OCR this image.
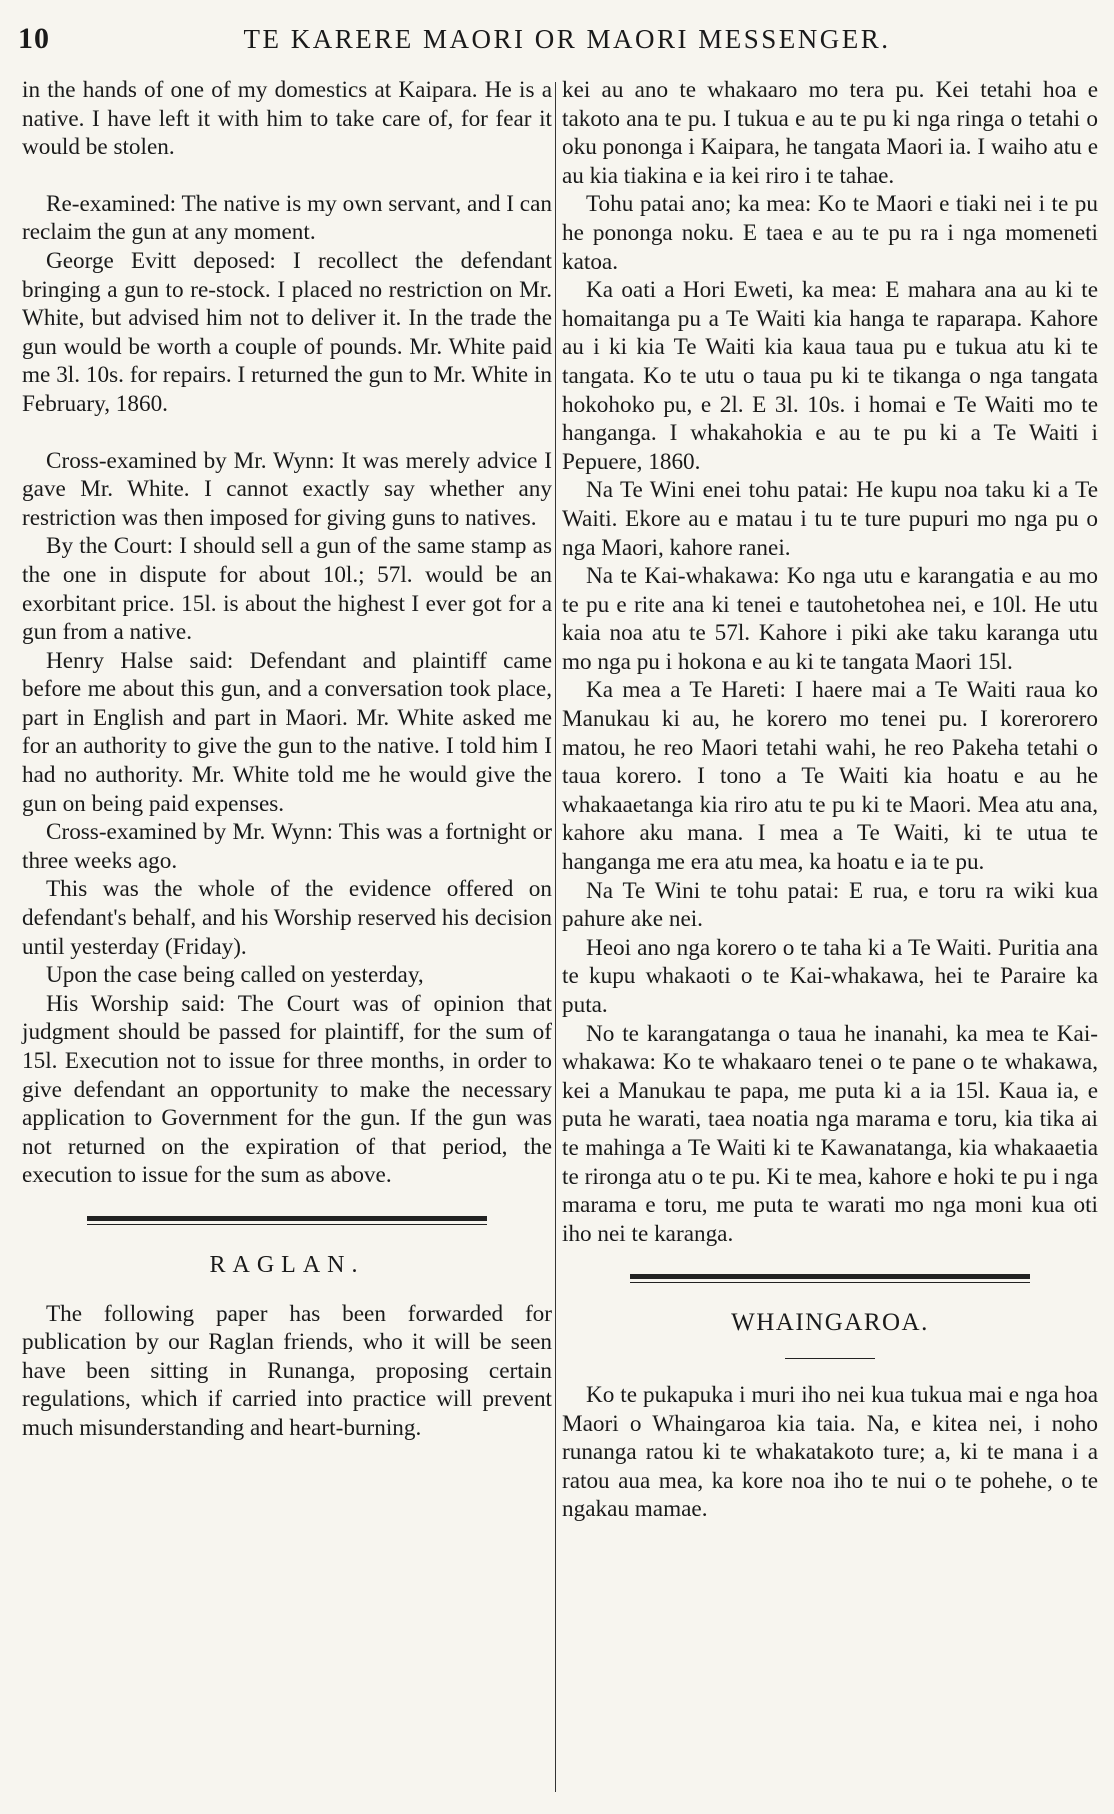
10	TE KARERE MAORI OR MAORI MESSENGER.

in the hands of one of my domestics at Kaipara. He is a native. I have left it with him to take care of, for fear it would be stolen.

Re-examined: The native is my own servant, and I can reclaim the gun at any moment.

George Evitt deposed: I recollect the defendant bringing a gun to re-stock. I placed no restriction on Mr. White, but advised him not to deliver it. In the trade the gun would be worth a couple of pounds. Mr. White paid me 3l. 10s. for repairs. I returned the gun to Mr. White in February, 1860.

Cross-examined by Mr. Wynn: It was merely advice I gave Mr. White. I cannot exactly say whether any restriction was then imposed for giving guns to natives.

By the Court: I should sell a gun of the same stamp as the one in dispute for about 10l.; 57l. would be an exorbitant price. 15l. is about the highest I ever got for a gun from a native.

Henry Halse said: Defendant and plaintiff came before me about this gun, and a conversation took place, part in English and part in Maori. Mr. White asked me for an authority to give the gun to the native. I told him I had no authority. Mr. White told me he would give the gun on being paid expenses.

Cross-examined by Mr. Wynn: This was a fortnight or three weeks ago.

This was the whole of the evidence offered on defendant's behalf, and his Worship reserved his decision until yesterday (Friday).

Upon the case being called on yesterday,

His Worship said: The Court was of opinion that judgment should be passed for plaintiff, for the sum of 15l. Execution not to issue for three months, in order to give defendant an opportunity to make the necessary application to Government for the gun. If the gun was not returned on the expiration of that period, the execution to issue for the sum as above.

RAGLAN.

The following paper has been forwarded for publication by our Raglan friends, who it will be seen have been sitting in Runanga, proposing certain regulations, which if carried into practice will prevent much misunderstanding and heart-burning.

kei au ano te whakaaro mo tera pu. Kei tetahi hoa e takoto ana te pu. I tukua e au te pu ki nga ringa o tetahi o oku pononga i Kaipara, he tangata Maori ia. I waiho atu e au kia tiakina e ia kei riro i te tahae.

Tohu patai ano; ka mea: Ko te Maori e tiaki nei i te pu he pononga noku. E taea e au te pu ra i nga momeneti katoa.

Ka oati a Hori Eweti, ka mea: E mahara ana au ki te homaitanga pu a Te Waiti kia hanga te raparapa. Kahore au i ki kia Te Waiti kia kaua taua pu e tukua atu ki te tangata. Ko te utu o taua pu ki te tikanga o nga tangata hokohoko pu, e 2l. E 3l. 10s. i homai e Te Waiti mo te hanganga. I whakahokia e au te pu ki a Te Waiti i Pepuere, 1860.

Na Te Wini enei tohu patai: He kupu noa taku ki a Te Waiti. Ekore au e matau i tu te ture pupuri mo nga pu o nga Maori, kahore ranei.

Na te Kai-whakawa: Ko nga utu e karangatia e au mo te pu e rite ana ki tenei e tautohetohea nei, e 10l. He utu kaia noa atu te 57l. Kahore i piki ake taku karanga utu mo nga pu i hokona e au ki te tangata Maori 15l.

Ka mea a Te Hareti: I haere mai a Te Waiti raua ko Manukau ki au, he korero mo tenei pu. I korerorero matou, he reo Maori tetahi wahi, he reo Pakeha tetahi o taua korero. I tono a Te Waiti kia hoatu e au he whakaaetanga kia riro atu te pu ki te Maori. Mea atu ana, kahore aku mana. I mea a Te Waiti, ki te utua te hanganga me era atu mea, ka hoatu e ia te pu.

Na Te Wini te tohu patai: E rua, e toru ra wiki kua pahure ake nei.

Heoi ano nga korero o te taha ki a Te Waiti. Puritia ana te kupu whakaoti o te Kai-whakawa, hei te Paraire ka puta.

No te karangatanga o taua he inanahi, ka mea te Kai-whakawa: Ko te whakaaro tenei o te pane o te whakawa, kei a Manukau te papa, me puta ki a ia 15l. Kaua ia, e puta he warati, taea noatia nga marama e toru, kia tika ai te mahinga a Te Waiti ki te Kawanatanga, kia whakaaetia te rironga atu o te pu. Ki te mea, kahore e hoki te pu i nga marama e toru, me puta te warati mo nga moni kua oti iho nei te karanga.

WHAINGAROA.

Ko te pukapuka i muri iho nei kua tukua mai e nga hoa Maori o Whaingaroa kia taia. Na, e kitea nei, i noho runanga ratou ki te whakatakoto ture; a, ki te mana i a ratou aua mea, ka kore noa iho te nui o te pohehe, o te ngakau mamae.
